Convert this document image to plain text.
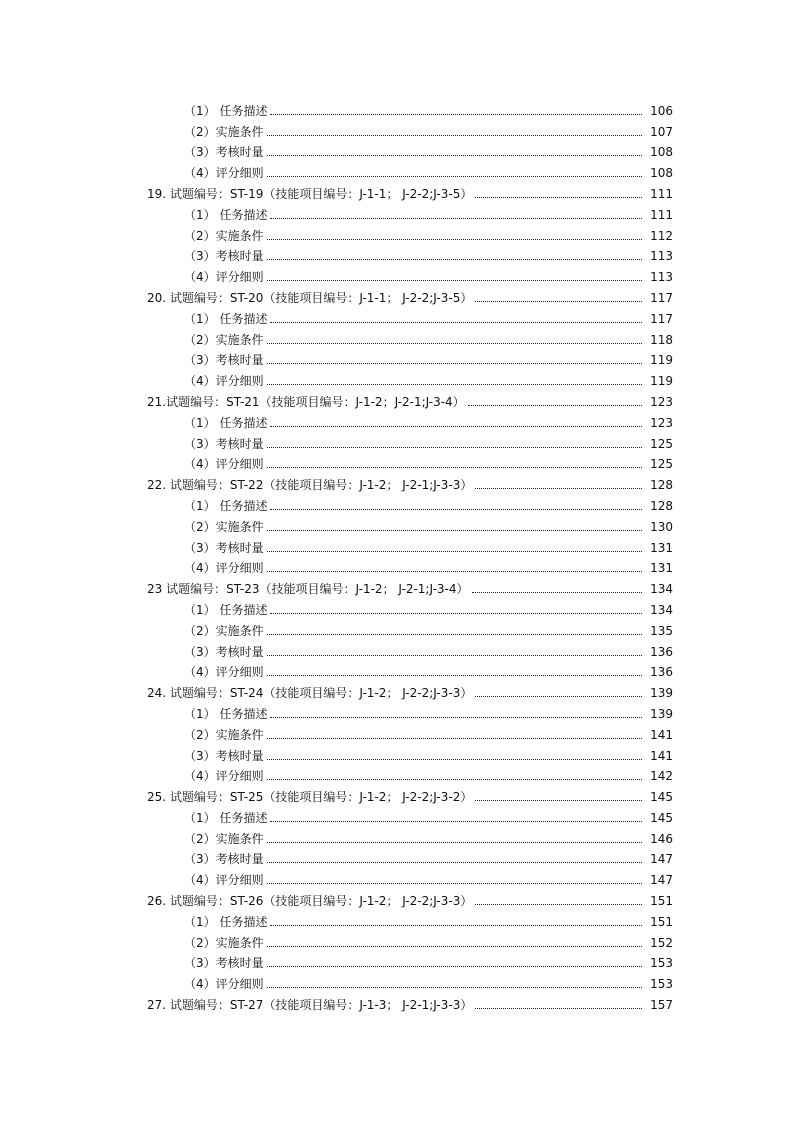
（1） 任务描述	106
（2）实施条件	107
（3）考核时量	108
（4）评分细则	108
19. 试题编号：ST-19（技能项目编号：J-1-1； J-2-2;J-3-5）	111
（1） 任务描述	111
（2）实施条件	112
（3）考核时量	113
（4）评分细则	113
20. 试题编号：ST-20（技能项目编号：J-1-1； J-2-2;J-3-5）	117
（1） 任务描述	117
（2）实施条件	118
（3）考核时量	119
（4）评分细则	119
21.试题编号：ST-21（技能项目编号：J-1-2；J-2-1;J-3-4）	123
（1） 任务描述	123
（3）考核时量	125
（4）评分细则	125
22. 试题编号：ST-22（技能项目编号：J-1-2； J-2-1;J-3-3）	128
（1） 任务描述	128
（2）实施条件	130
（3）考核时量	131
（4）评分细则	131
23 试题编号：ST-23（技能项目编号：J-1-2； J-2-1;J-3-4）	134
（1） 任务描述	134
（2）实施条件	135
（3）考核时量	136
（4）评分细则	136
24. 试题编号：ST-24（技能项目编号：J-1-2； J-2-2;J-3-3）	139
（1） 任务描述	139
（2）实施条件	141
（3）考核时量	141
（4）评分细则	142
25. 试题编号：ST-25（技能项目编号：J-1-2； J-2-2;J-3-2）	145
（1） 任务描述	145
（2）实施条件	146
（3）考核时量	147
（4）评分细则	147
26. 试题编号：ST-26（技能项目编号：J-1-2； J-2-2;J-3-3）	151
（1） 任务描述	151
（2）实施条件	152
（3）考核时量	153
（4）评分细则	153
27. 试题编号：ST-27（技能项目编号：J-1-3； J-2-1;J-3-3）	157
